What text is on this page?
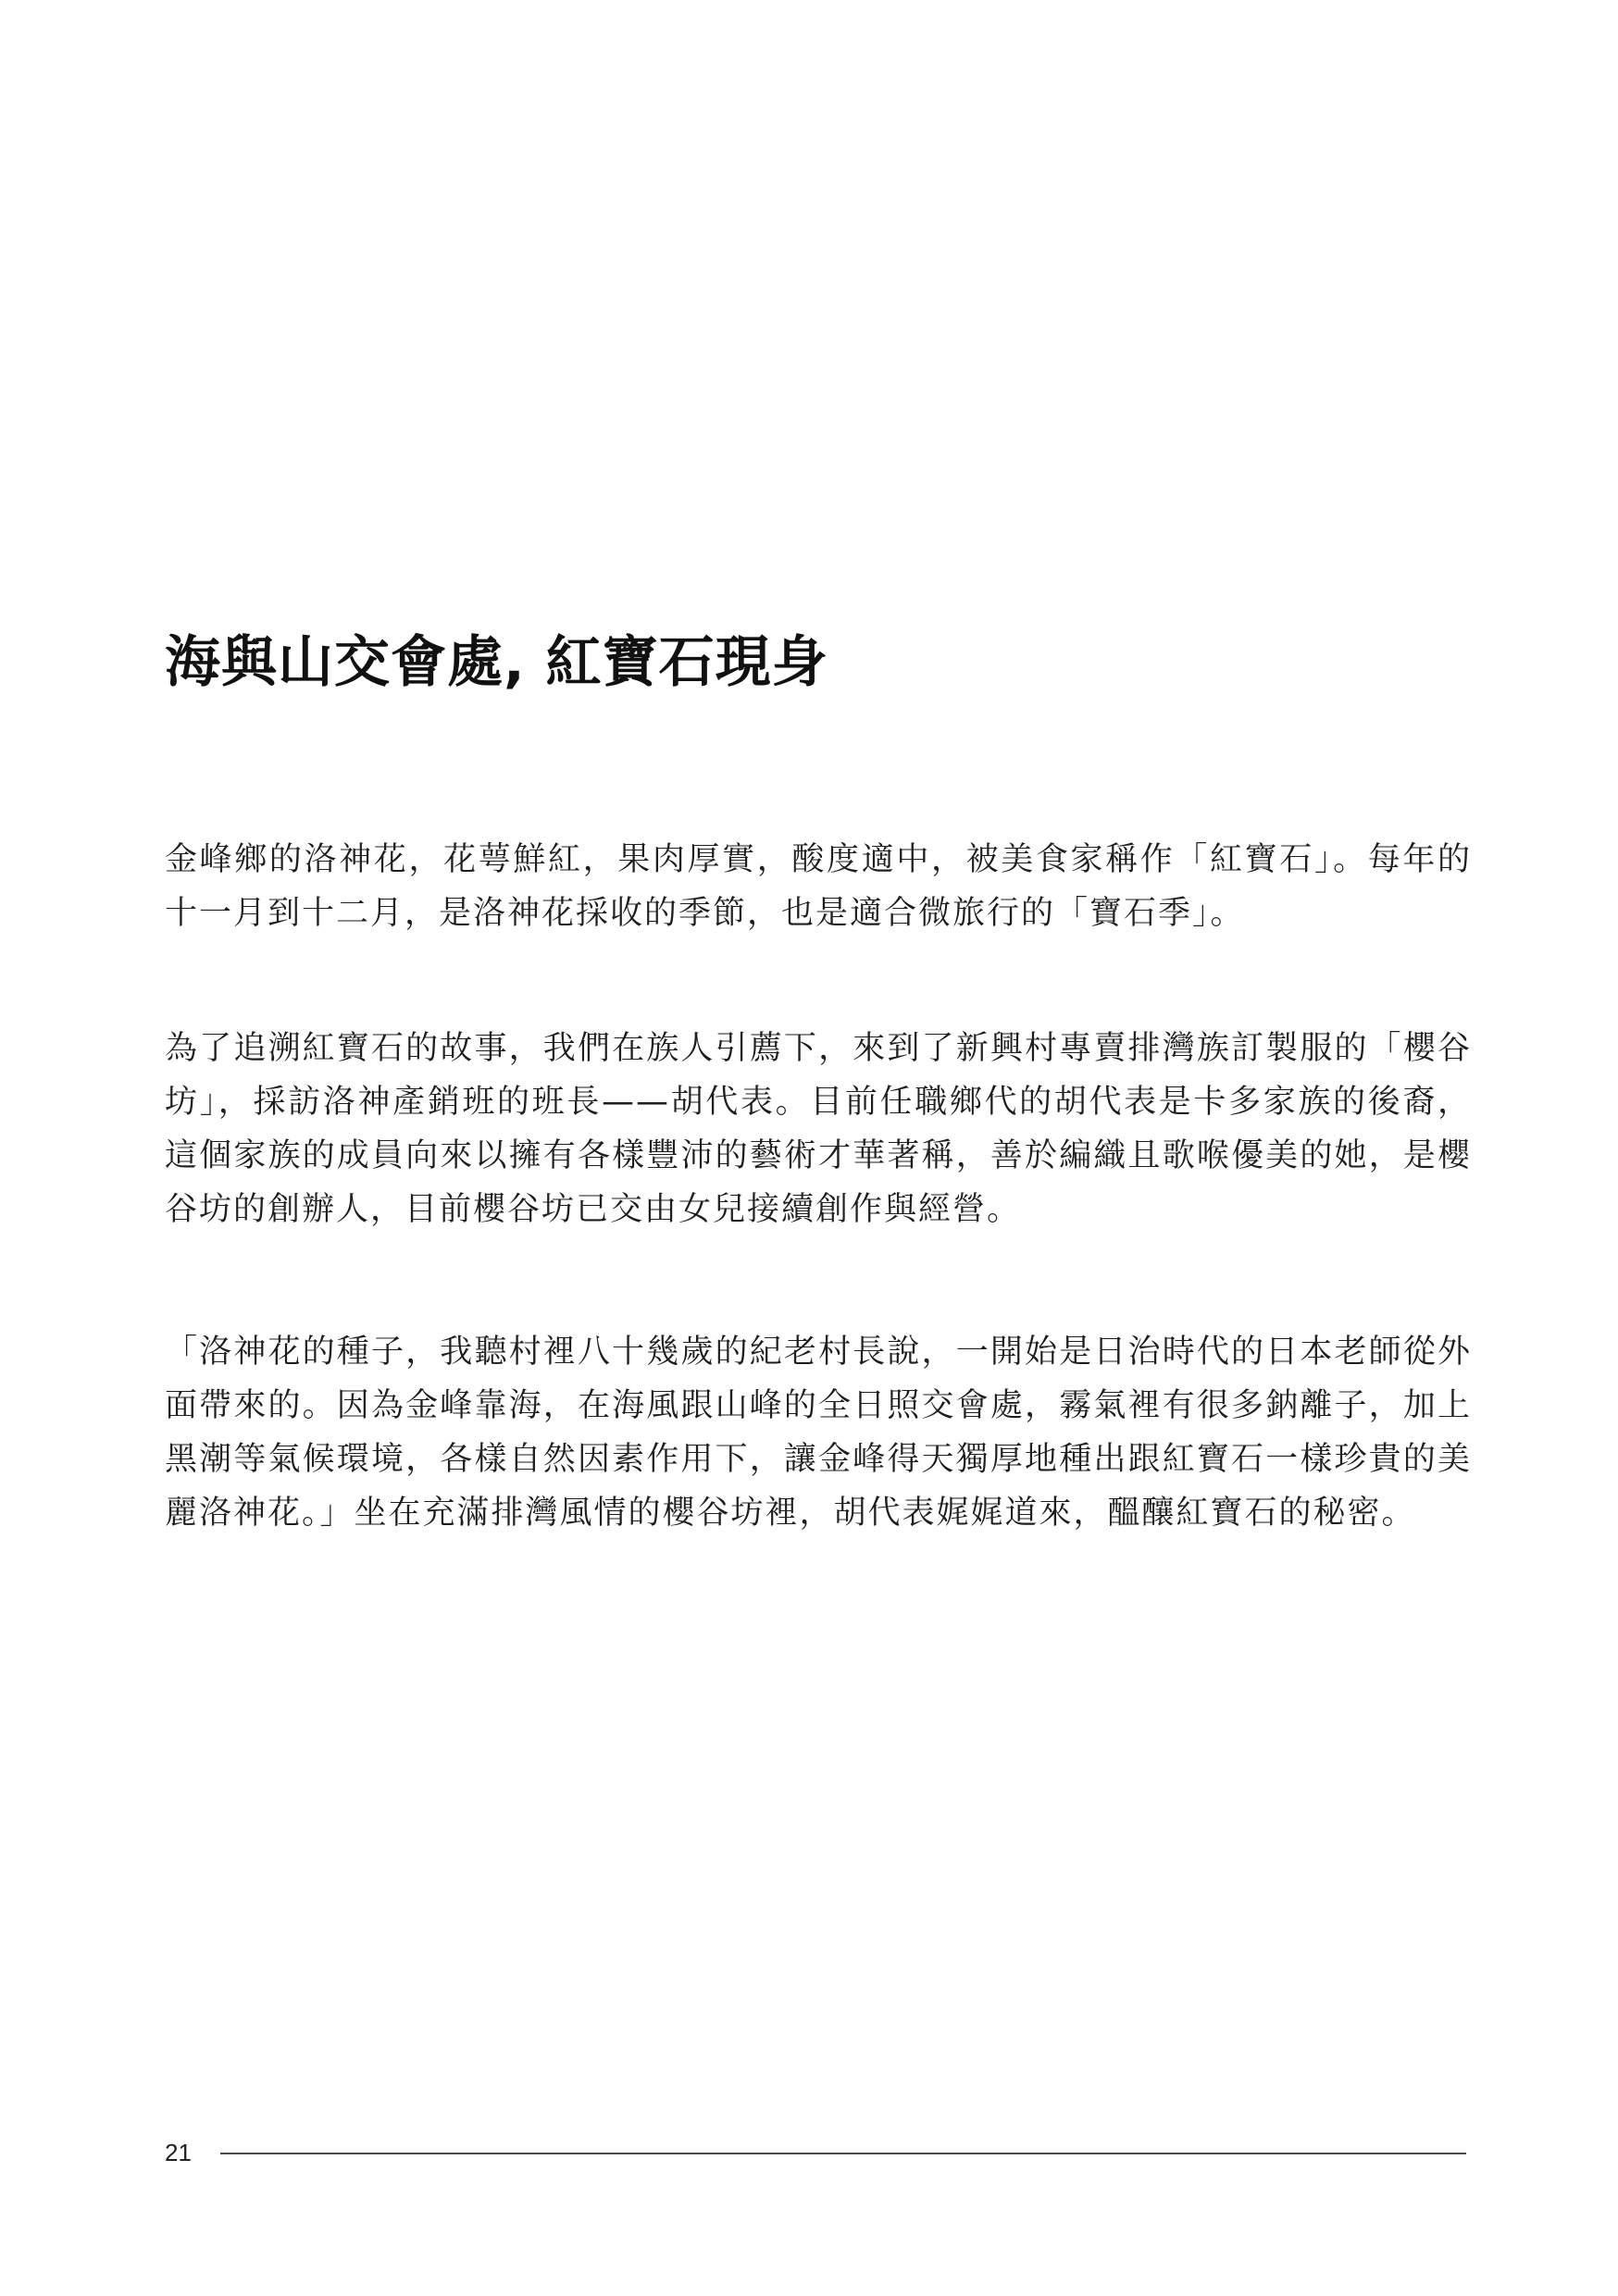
海與山交會處, 紅寶石現身

金峰鄉的洛神花，花萼鮮紅，果肉厚實，酸度適中，被美食家稱作「紅寶石」。每年的十一月到十二月，是洛神花採收的季節，也是適合微旅行的「寶石季」。

為了追溯紅寶石的故事，我們在族人引薦下，來到了新興村專賣排灣族訂製服的「櫻谷坊」，採訪洛神產銷班的班長——胡代表。目前任職鄉代的胡代表是卡多家族的後裔，這個家族的成員向來以擁有各樣豐沛的藝術才華著稱，善於編織且歌喉優美的她，是櫻谷坊的創辦人，目前櫻谷坊已交由女兒接續創作與經營。

「洛神花的種子，我聽村裡八十幾歲的紀老村長說，一開始是日治時代的日本老師從外面帶來的。因為金峰靠海，在海風跟山峰的全日照交會處，霧氣裡有很多鈉離子，加上黑潮等氣候環境，各樣自然因素作用下，讓金峰得天獨厚地種出跟紅寶石一樣珍貴的美麗洛神花。」坐在充滿排灣風情的櫻谷坊裡，胡代表娓娓道來，醞釀紅寶石的秘密。

21
